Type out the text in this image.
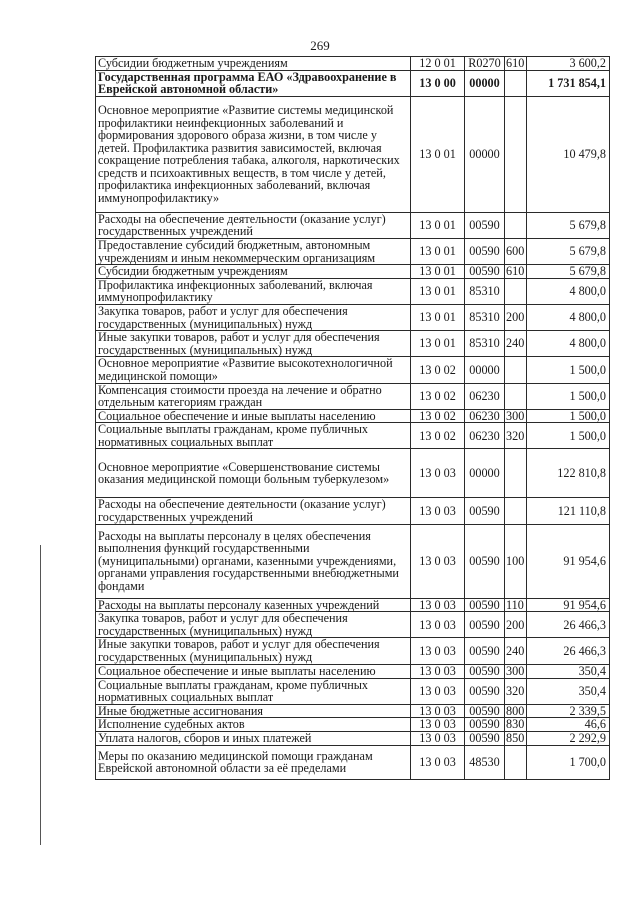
269
Субсидии бюджетным учреждениям	12 0 01	R0270	610	3 600,2
Государственная программа ЕАО «Здравоохранение в Еврейской автономной области»	13 0 00	00000		1 731 854,1
Основное мероприятие «Развитие системы медицинской профилактики неинфекционных заболеваний и формирования здорового образа жизни, в том числе у детей. Профилактика развития зависимостей, включая сокращение потребления табака, алкоголя, наркотических средств и психоактивных веществ, в том числе у детей, профилактика инфекционных заболеваний, включая иммунопрофилактику»	13 0 01	00000		10 479,8
Расходы на обеспечение деятельности (оказание услуг) государственных учреждений	13 0 01	00590		5 679,8
Предоставление субсидий бюджетным, автономным учреждениям и иным некоммерческим организациям	13 0 01	00590	600	5 679,8
Субсидии бюджетным учреждениям	13 0 01	00590	610	5 679,8
Профилактика инфекционных заболеваний, включая иммунопрофилактику	13 0 01	85310		4 800,0
Закупка товаров, работ и услуг для обеспечения государственных (муниципальных) нужд	13 0 01	85310	200	4 800,0
Иные закупки товаров, работ и услуг для обеспечения государственных (муниципальных) нужд	13 0 01	85310	240	4 800,0
Основное мероприятие «Развитие высокотехнологичной медицинской помощи»	13 0 02	00000		1 500,0
Компенсация стоимости проезда на лечение и обратно отдельным категориям граждан	13 0 02	06230		1 500,0
Социальное обеспечение и иные выплаты населению	13 0 02	06230	300	1 500,0
Социальные выплаты гражданам, кроме публичных нормативных социальных выплат	13 0 02	06230	320	1 500,0
Основное мероприятие «Совершенствование системы оказания медицинской помощи больным туберкулезом»	13 0 03	00000		122 810,8
Расходы на обеспечение деятельности (оказание услуг) государственных учреждений	13 0 03	00590		121 110,8
Расходы на выплаты персоналу в целях обеспечения выполнения функций государственными (муниципальными) органами, казенными учреждениями, органами управления государственными внебюджетными фондами	13 0 03	00590	100	91 954,6
Расходы на выплаты персоналу казенных учреждений	13 0 03	00590	110	91 954,6
Закупка товаров, работ и услуг для обеспечения государственных (муниципальных) нужд	13 0 03	00590	200	26 466,3
Иные закупки товаров, работ и услуг для обеспечения государственных (муниципальных) нужд	13 0 03	00590	240	26 466,3
Социальное обеспечение и иные выплаты населению	13 0 03	00590	300	350,4
Социальные выплаты гражданам, кроме публичных нормативных социальных выплат	13 0 03	00590	320	350,4
Иные бюджетные ассигнования	13 0 03	00590	800	2 339,5
Исполнение судебных актов	13 0 03	00590	830	46,6
Уплата налогов, сборов и иных платежей	13 0 03	00590	850	2 292,9
Меры по оказанию медицинской помощи гражданам Еврейской автономной области за её пределами	13 0 03	48530		1 700,0
